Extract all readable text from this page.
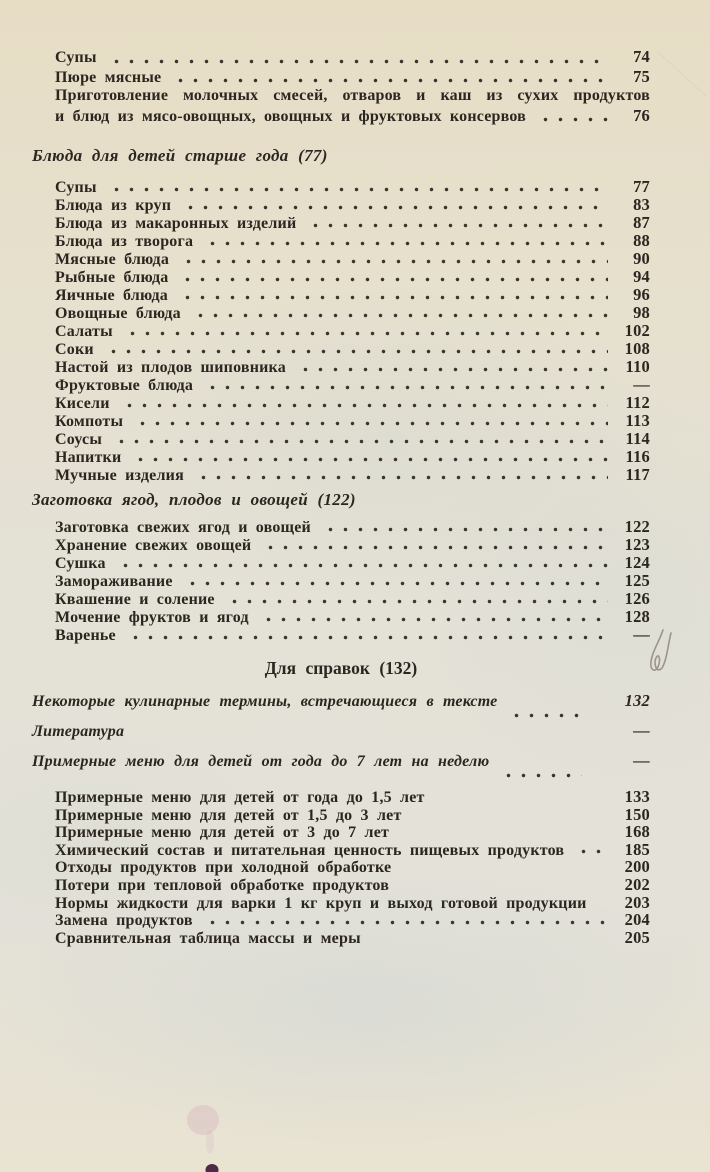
Супы	74
Пюре мясные	75
Приготовление молочных смесей, отваров и каш из сухих продуктов
и блюд из мясо-овощных, овощных и фруктовых консервов	76
Блюда для детей старше года (77)
Супы	77
Блюда из круп	83
Блюда из макаронных изделий	87
Блюда из творога	88
Мясные блюда	90
Рыбные блюда	94
Яичные блюда	96
Овощные блюда	98
Салаты	102
Соки	108
Настой из плодов шиповника	110
Фруктовые блюда	—
Кисели	112
Компоты	113
Соусы	114
Напитки	116
Мучные изделия	117
Заготовка ягод, плодов и овощей (122)
Заготовка свежих ягод и овощей	122
Хранение свежих овощей	123
Сушка	124
Замораживание	125
Квашение и соление	126
Мочение фруктов и ягод	128
Варенье	—
Для справок (132)
Некоторые кулинарные термины, встречающиеся в тексте	132
Литература	—
Примерные меню для детей от года до 7 лет на неделю	—
Примерные меню для детей от года до 1,5 лет	133
Примерные меню для детей от 1,5 до 3 лет	150
Примерные меню для детей от 3 до 7 лет	168
Химический состав и питательная ценность пищевых продуктов	185
Отходы продуктов при холодной обработке	200
Потери при тепловой обработке продуктов	202
Нормы жидкости для варки 1 кг круп и выход готовой продукции	203
Замена продуктов	204
Сравнительная таблица массы и меры	205
